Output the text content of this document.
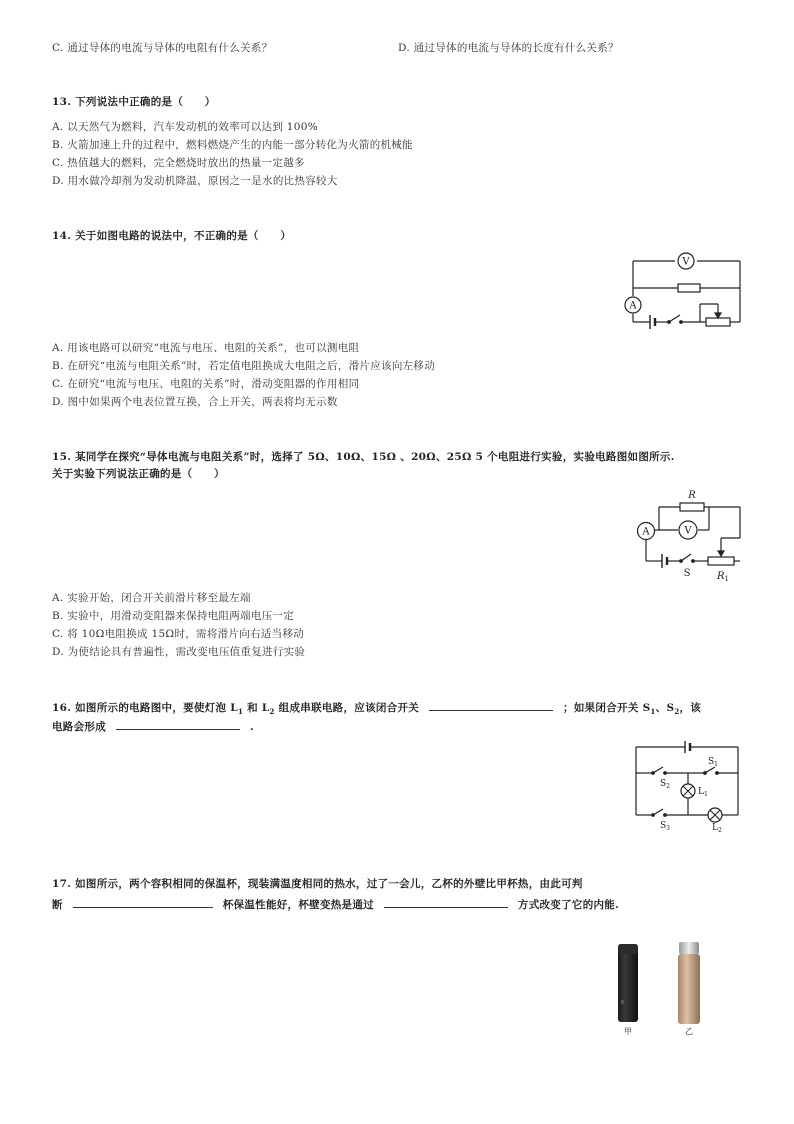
C. 通过导体的电流与导体的电阻有什么关系？	D. 通过导体的电流与导体的长度有什么关系？
13. 下列说法中正确的是（　　）
A. 以天然气为燃料，汽车发动机的效率可以达到 100%
B. 火箭加速上升的过程中，燃料燃烧产生的内能一部分转化为火箭的机械能
C. 热值越大的燃料，完全燃烧时放出的热量一定越多
D. 用水做冷却剂为发动机降温，原因之一是水的比热容较大
14. 关于如图电路的说法中，不正确的是（　　）
V
A
A. 用该电路可以研究“电流与电压、电阻的关系”，也可以测电阻
B. 在研究“电流与电阻关系”时，若定值电阻换成大电阻之后，滑片应该向左移动
C. 在研究“电流与电压、电阻的关系”时，滑动变阻器的作用相同
D. 图中如果两个电表位置互换，合上开关，两表将均无示数
15. 某同学在探究“导体电流与电阻关系”时，选择了 5Ω、10Ω、15Ω 、20Ω、25Ω 5 个电阻进行实验，实验电路图如图所示.
关于实验下列说法正确的是（　　）
R
A	V
S	$R_1$
A. 实验开始，闭合开关前滑片移至最左端
B. 实验中，用滑动变阻器来保持电阻两端电压一定
C. 将 10Ω电阻换成 15Ω时，需将滑片向右适当移动
D. 为使结论具有普遍性，需改变电压值重复进行实验
16. 如图所示的电路图中，要使灯泡 $L_1$ 和 $L_2$ 组成串联电路，应该闭合开关	；如果闭合开关 $S_1$、$S_2$，该
电路会形成	.
$S_1$
$S_2$
$L_1$
$S_3$	$L_2$
17. 如图所示，两个容积相同的保温杯，现装满温度相同的热水，过了一会儿，乙杯的外壁比甲杯热，由此可判
断	杯保温性能好，杯壁变热是通过	方式改变了它的内能.
甲	乙
